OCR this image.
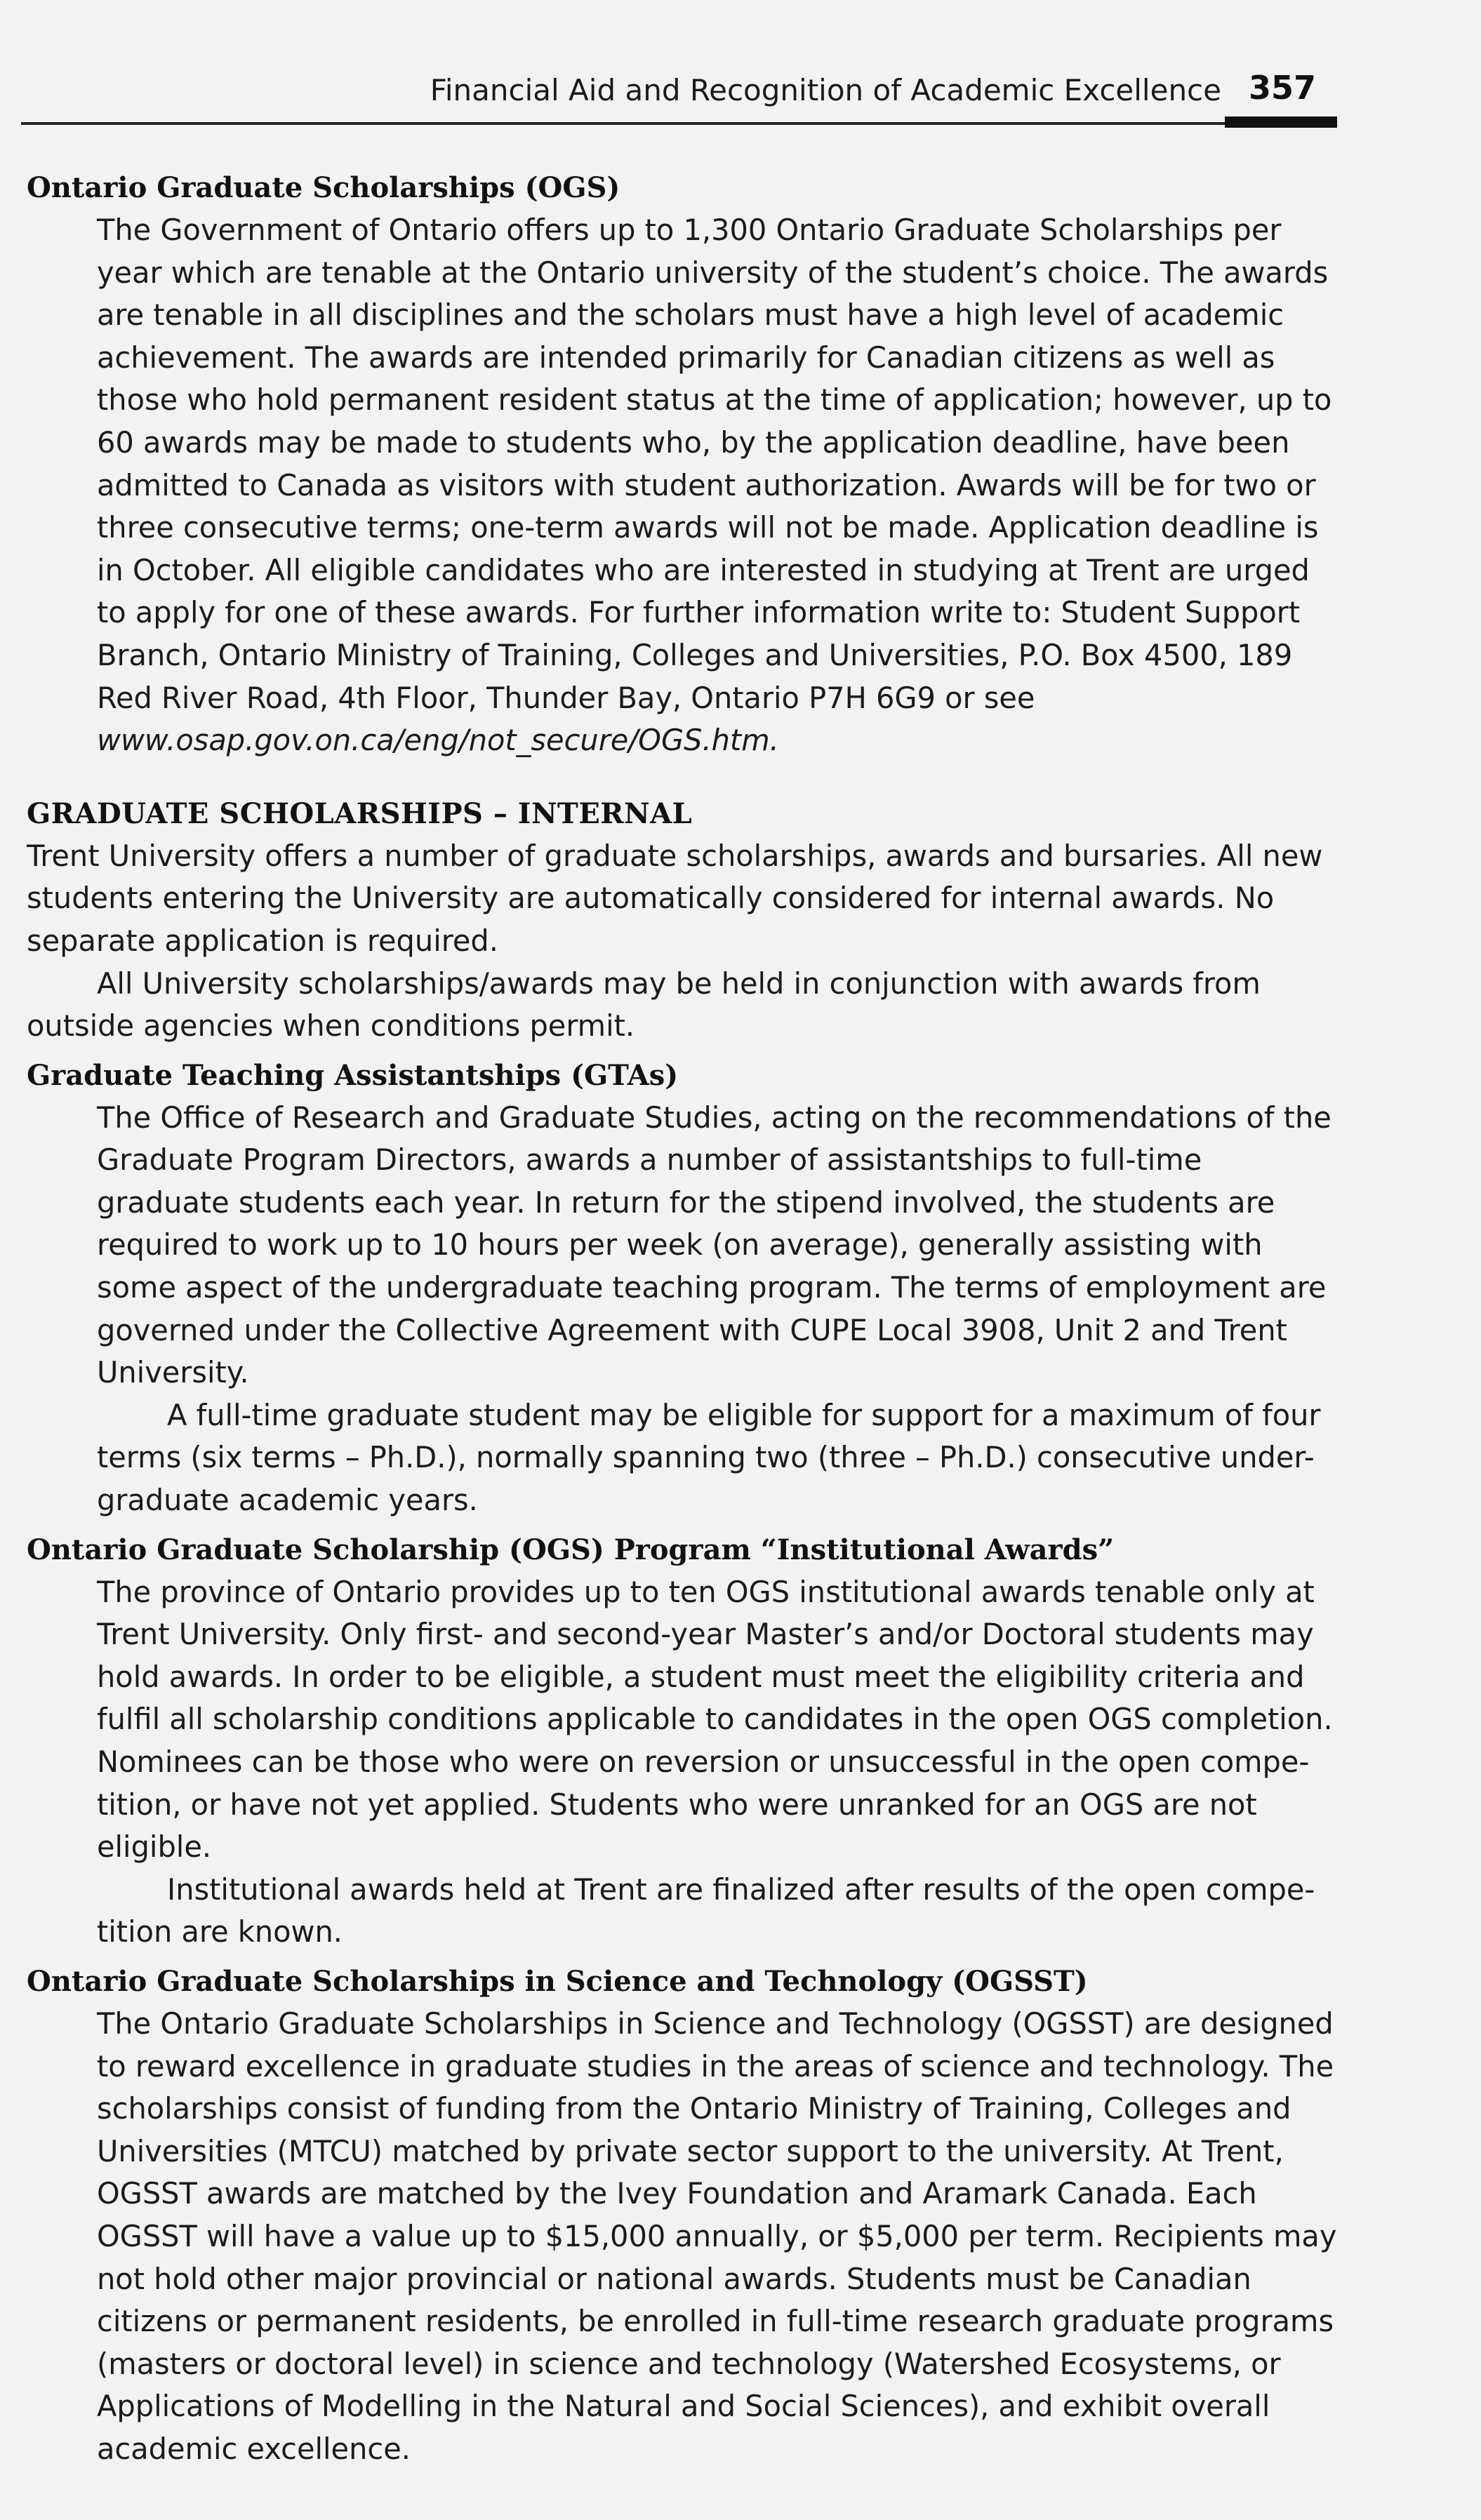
Financial Aid and Recognition of Academic Excellence 357
Ontario Graduate Scholarships (OGS)

The Government of Ontario offers up to 1,300 Ontario Graduate Scholarships per year which are tenable at the Ontario university of the student’s choice. The awards are tenable in all disciplines and the scholars must have a high level of academic achievement. The awards are intended primarily for Canadian citizens as well as those who hold permanent resident status at the time of application; however, up to 60 awards may be made to students who, by the application deadline, have been admitted to Canada as visitors with student authorization. Awards will be for two or three consecutive terms; one-term awards will not be made. Application deadline is in October. All eligible candidates who are interested in studying at Trent are urged to apply for one of these awards. For further information write to: Student Support Branch, Ontario Ministry of Training, Colleges and Universities, P.O. Box 4500, 189 Red River Road, 4th Floor, Thunder Bay, Ontario P7H 6G9 or see www.osap.gov.on.ca/eng/not_secure/OGS.htm.

GRADUATE SCHOLARSHIPS – INTERNAL

Trent University offers a number of graduate scholarships, awards and bursaries. All new students entering the University are automatically considered for internal awards. No separate application is required.

All University scholarships/awards may be held in conjunction with awards from outside agencies when conditions permit.

Graduate Teaching Assistantships (GTAs)

The Office of Research and Graduate Studies, acting on the recommendations of the Graduate Program Directors, awards a number of assistantships to full-time graduate students each year. In return for the stipend involved, the students are required to work up to 10 hours per week (on average), generally assisting with some aspect of the undergraduate teaching program. The terms of employment are governed under the Collective Agreement with CUPE Local 3908, Unit 2 and Trent University.

A full-time graduate student may be eligible for support for a maximum of four terms (six terms – Ph.D.), normally spanning two (three – Ph.D.) consecutive under-graduate academic years.

Ontario Graduate Scholarship (OGS) Program “Institutional Awards”

The province of Ontario provides up to ten OGS institutional awards tenable only at Trent University. Only first- and second-year Master’s and/or Doctoral students may hold awards. In order to be eligible, a student must meet the eligibility criteria and fulfil all scholarship conditions applicable to candidates in the open OGS completion. Nominees can be those who were on reversion or unsuccessful in the open compe-tition, or have not yet applied. Students who were unranked for an OGS are not eligible.

Institutional awards held at Trent are finalized after results of the open compe-tition are known.

Ontario Graduate Scholarships in Science and Technology (OGSST)

The Ontario Graduate Scholarships in Science and Technology (OGSST) are designed to reward excellence in graduate studies in the areas of science and technology. The scholarships consist of funding from the Ontario Ministry of Training, Colleges and Universities (MTCU) matched by private sector support to the university. At Trent, OGSST awards are matched by the Ivey Foundation and Aramark Canada. Each OGSST will have a value up to $15,000 annually, or $5,000 per term. Recipients may not hold other major provincial or national awards. Students must be Canadian citizens or permanent residents, be enrolled in full-time research graduate programs (masters or doctoral level) in science and technology (Watershed Ecosystems, or Applications of Modelling in the Natural and Social Sciences), and exhibit overall academic excellence.
